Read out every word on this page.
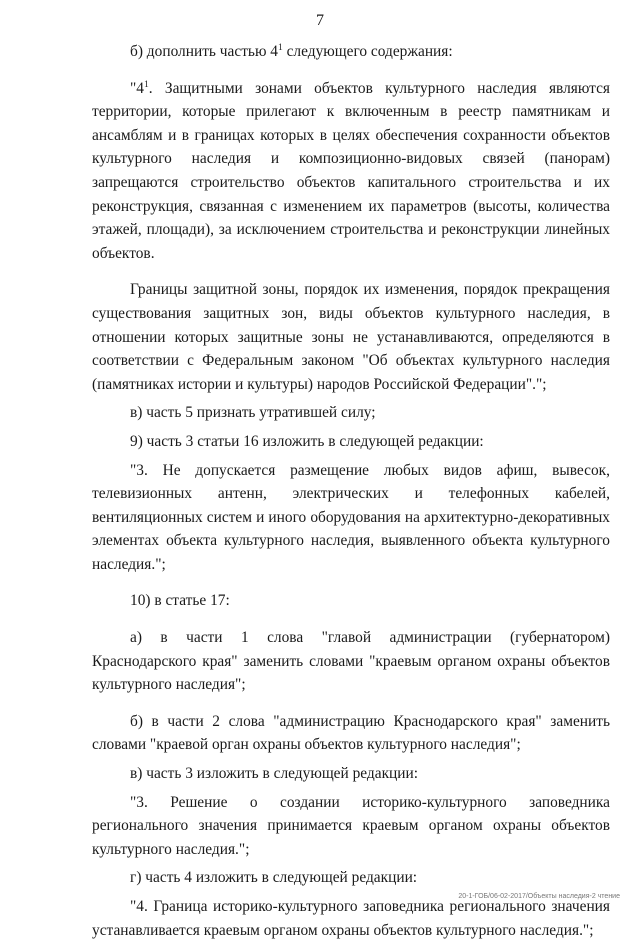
7

б) дополнить частью $4^1$ следующего содержания:

"$4^1$. Защитными зонами объектов культурного наследия являются территории, которые прилегают к включенным в реестр памятникам и ансамблям и в границах которых в целях обеспечения сохранности объектов культурного наследия и композиционно-видовых связей (панорам) запрещаются строительство объектов капитального строительства и их реконструкция, связанная с изменением их параметров (высоты, количества этажей, площади), за исключением строительства и реконструкции линейных объектов.

Границы защитной зоны, порядок их изменения, порядок прекращения существования защитных зон, виды объектов культурного наследия, в отношении которых защитные зоны не устанавливаются, определяются в соответствии с Федеральным законом "Об объектах культурного наследия (памятниках истории и культуры) народов Российской Федерации".";

в) часть 5 признать утратившей силу;

9) часть 3 статьи 16 изложить в следующей редакции:

"3. Не допускается размещение любых видов афиш, вывесок, телевизионных антенн, электрических и телефонных кабелей, вентиляционных систем и иного оборудования на архитектурно-декоративных элементах объекта культурного наследия, выявленного объекта культурного наследия.";

10) в статье 17:

а) в части 1 слова "главой администрации (губернатором) Краснодарского края" заменить словами "краевым органом охраны объектов культурного наследия";

б) в части 2 слова "администрацию Краснодарского края" заменить словами "краевой орган охраны объектов культурного наследия";

в) часть 3 изложить в следующей редакции:

"3. Решение о создании историко-культурного заповедника регионального значения принимается краевым органом охраны объектов культурного наследия.";

г) часть 4 изложить в следующей редакции:

"4. Граница историко-культурного заповедника регионального значения устанавливается краевым органом охраны объектов культурного наследия.";

20-1-ГОБ/06-02-2017/Объекты наследия-2 чтение
